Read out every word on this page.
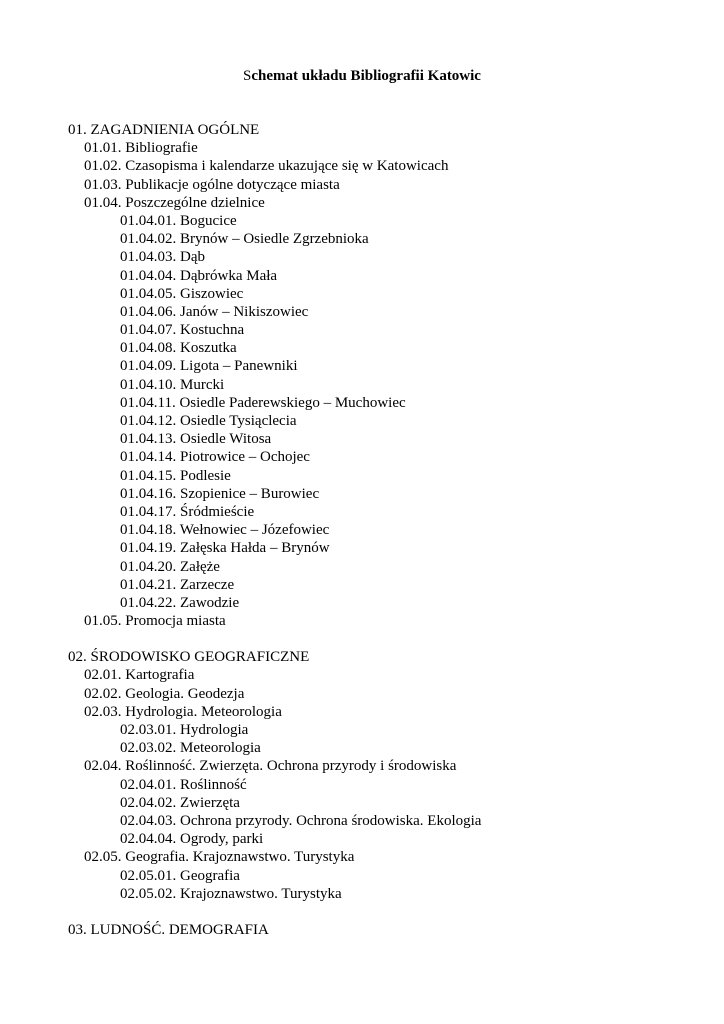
Schemat układu Bibliografii Katowic
01. ZAGADNIENIA OGÓLNE
01.01. Bibliografie
01.02. Czasopisma i kalendarze ukazujące się w Katowicach
01.03. Publikacje ogólne dotyczące miasta
01.04. Poszczególne dzielnice
01.04.01. Bogucice
01.04.02. Brynów – Osiedle Zgrzebnioka
01.04.03. Dąb
01.04.04. Dąbrówka Mała
01.04.05. Giszowiec
01.04.06. Janów – Nikiszowiec
01.04.07. Kostuchna
01.04.08. Koszutka
01.04.09. Ligota – Panewniki
01.04.10. Murcki
01.04.11. Osiedle Paderewskiego – Muchowiec
01.04.12. Osiedle Tysiąclecia
01.04.13. Osiedle Witosa
01.04.14. Piotrowice – Ochojec
01.04.15. Podlesie
01.04.16. Szopienice – Burowiec
01.04.17. Śródmieście
01.04.18. Wełnowiec – Józefowiec
01.04.19. Załęska Hałda – Brynów
01.04.20. Załęże
01.04.21. Zarzecze
01.04.22. Zawodzie
01.05. Promocja miasta
02. ŚRODOWISKO GEOGRAFICZNE
02.01. Kartografia
02.02. Geologia. Geodezja
02.03. Hydrologia. Meteorologia
02.03.01. Hydrologia
02.03.02. Meteorologia
02.04. Roślinność. Zwierzęta. Ochrona przyrody i środowiska
02.04.01. Roślinność
02.04.02. Zwierzęta
02.04.03. Ochrona przyrody. Ochrona środowiska. Ekologia
02.04.04. Ogrody, parki
02.05. Geografia. Krajoznawstwo. Turystyka
02.05.01. Geografia
02.05.02. Krajoznawstwo. Turystyka
03. LUDNOŚĆ. DEMOGRAFIA
